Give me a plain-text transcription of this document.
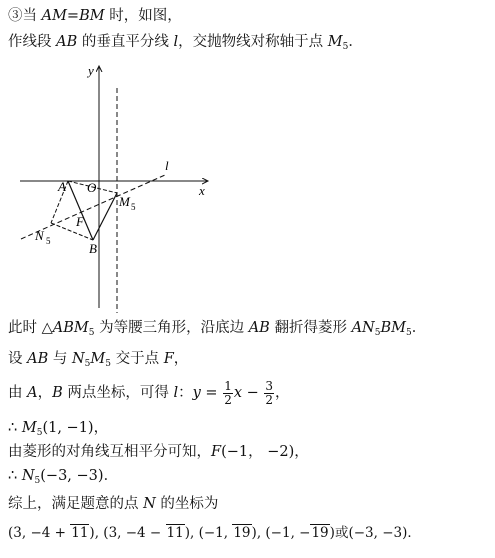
③当 AM=BM 时，如图，
作线段 AB 的垂直平分线 l，交抛物线对称轴于点 $M_5$．
y
x
O
A
B
F
M 5
N 5
l
此时 $\triangle ABM_5$ 为等腰三角形，沿底边 AB 翻折得菱形 $AN_5BM_5$．
设 AB 与 $N_5M_5$ 交于点 F，
由 A，B 两点坐标，可得 l：$y = \frac{1}{2}$ $x - \frac{3}{2}$ ，
∴ $M_5(1$, −1)，
由菱形的对角线互相平分可知，F(−1， −2)，
∴ $N_5(-3$, −3)．
综上，满足题意的点 N 的坐标为
(3, −4 + 11), (3, −4 − 11), (−1, 19), (−1, −19)或(−3, −3)．
